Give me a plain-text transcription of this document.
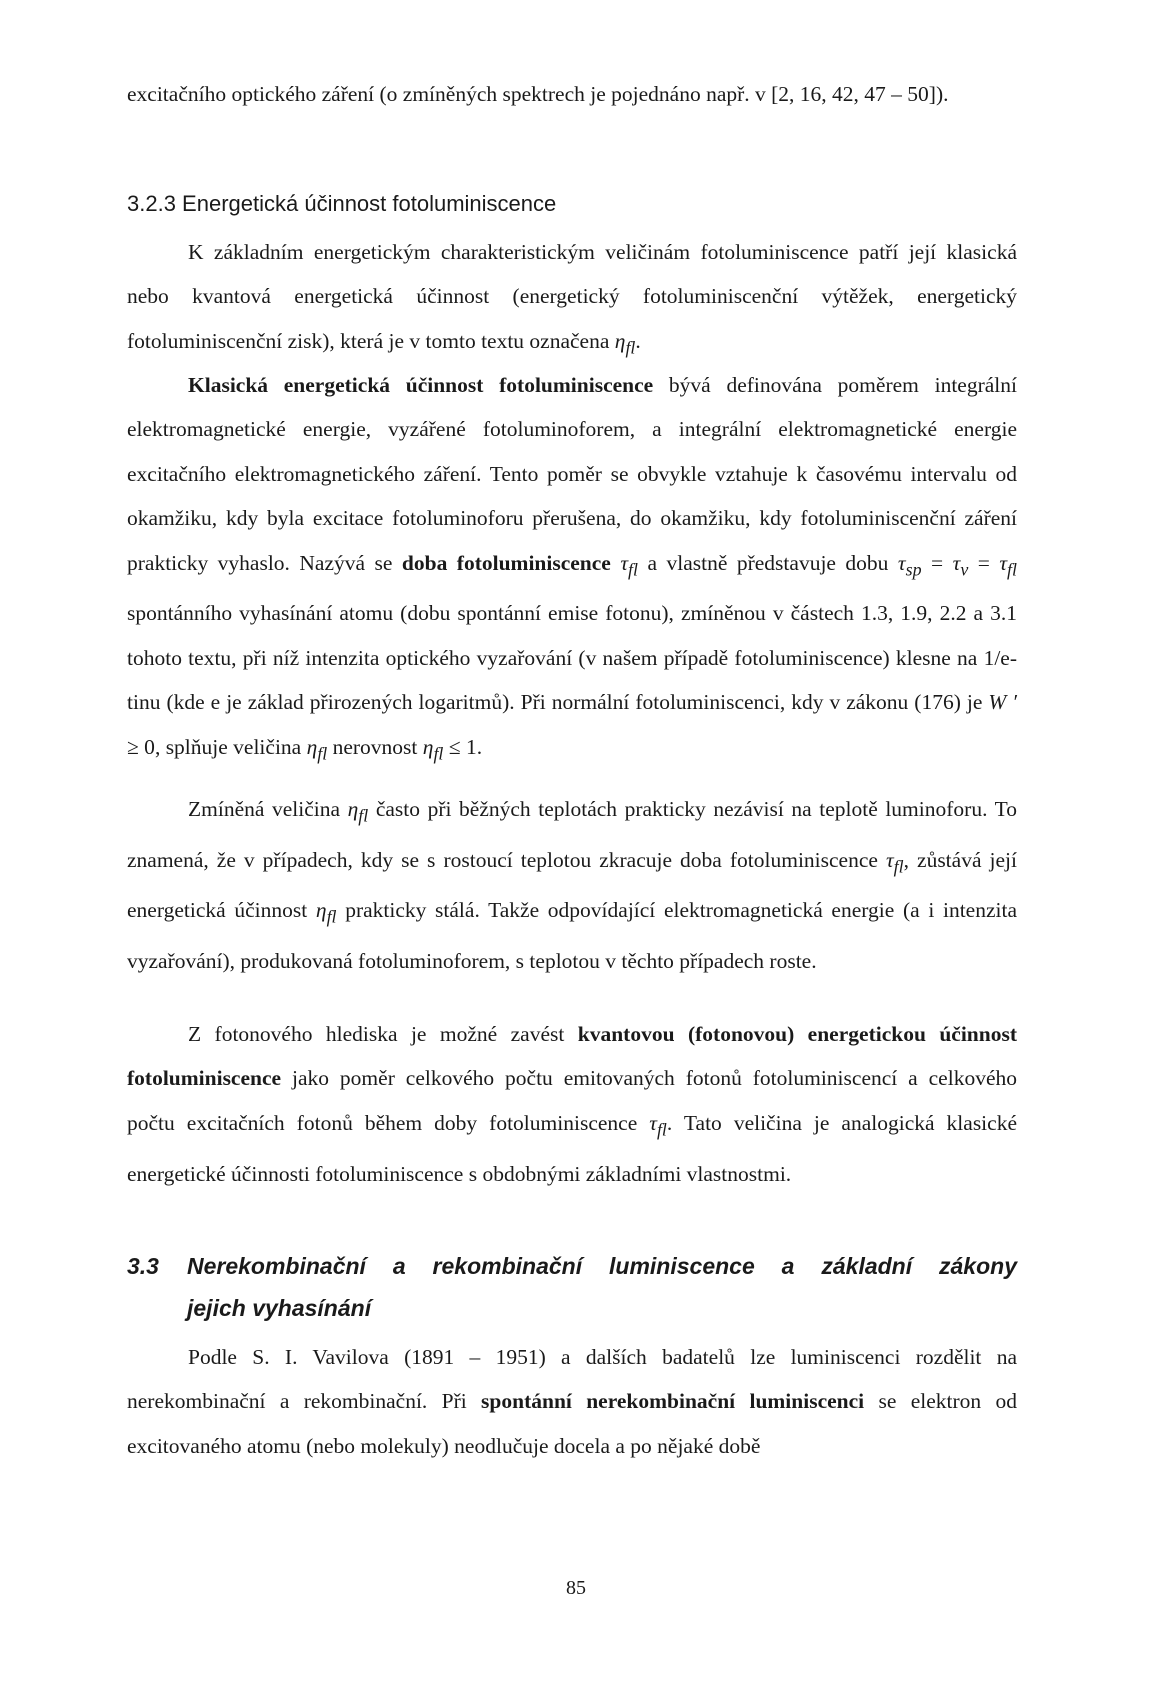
excitačního optického záření (o zmíněných spektrech je pojednáno např. v [2, 16, 42, 47 – 50]).

3.2.3 Energetická účinnost fotoluminiscence

K základním energetickým charakteristickým veličinám fotoluminiscence patří její klasická nebo kvantová energetická účinnost (energetický fotoluminiscenční výtěžek, energetický fotoluminiscenční zisk), která je v tomto textu označena $\eta_{fl}$.

Klasická energetická účinnost fotoluminiscence bývá definována poměrem integrální elektromagnetické energie, vyzářené fotoluminoforem, a integrální elektromagnetické energie excitačního elektromagnetického záření. Tento poměr se obvykle vztahuje k časovému intervalu od okamžiku, kdy byla excitace fotoluminoforu přerušena, do okamžiku, kdy fotoluminiscenční záření prakticky vyhaslo. Nazývá se doba fotoluminiscence $\tau_{fl}$ a vlastně představuje dobu $\tau_{sp} = \tau_v = \tau_{fl}$ spontánního vyhasínání atomu (dobu spontánní emise fotonu), zmíněnou v částech 1.3, 1.9, 2.2 a 3.1 tohoto textu, při níž intenzita optického vyzařování (v našem případě fotoluminiscence) klesne na 1/e-tinu (kde e je základ přirozených logaritmů). Při normální fotoluminiscenci, kdy v zákonu (176) je W ′ ≥ 0, splňuje veličina $\eta_{fl}$ nerovnost $\eta_{fl} \le 1$.

Zmíněná veličina $\eta_{fl}$ často při běžných teplotách prakticky nezávisí na teplotě luminoforu. To znamená, že v případech, kdy se s rostoucí teplotou zkracuje doba fotoluminiscence $\tau_{fl}$, zůstává její energetická účinnost $\eta_{fl}$ prakticky stálá. Takže odpovídající elektromagnetická energie (a i intenzita vyzařování), produkovaná fotoluminoforem, s teplotou v těchto případech roste.

Z fotonového hlediska je možné zavést kvantovou (fotonovou) energetickou účinnost fotoluminiscence jako poměr celkového počtu emitovaných fotonů fotoluminiscencí a celkového počtu excitačních fotonů během doby fotoluminiscence $\tau_{fl}$. Tato veličina je analogická klasické energetické účinnosti fotoluminiscence s obdobnými základními vlastnostmi.

3.3 Nerekombinační a rekombinační luminiscence a základní zákony
jejich vyhasínání

Podle S. I. Vavilova (1891 – 1951) a dalších badatelů lze luminiscenci rozdělit na nerekombinační a rekombinační. Při spontánní nerekombinační luminiscenci se elektron od excitovaného atomu (nebo molekuly) neodlučuje docela a po nějaké době

85
